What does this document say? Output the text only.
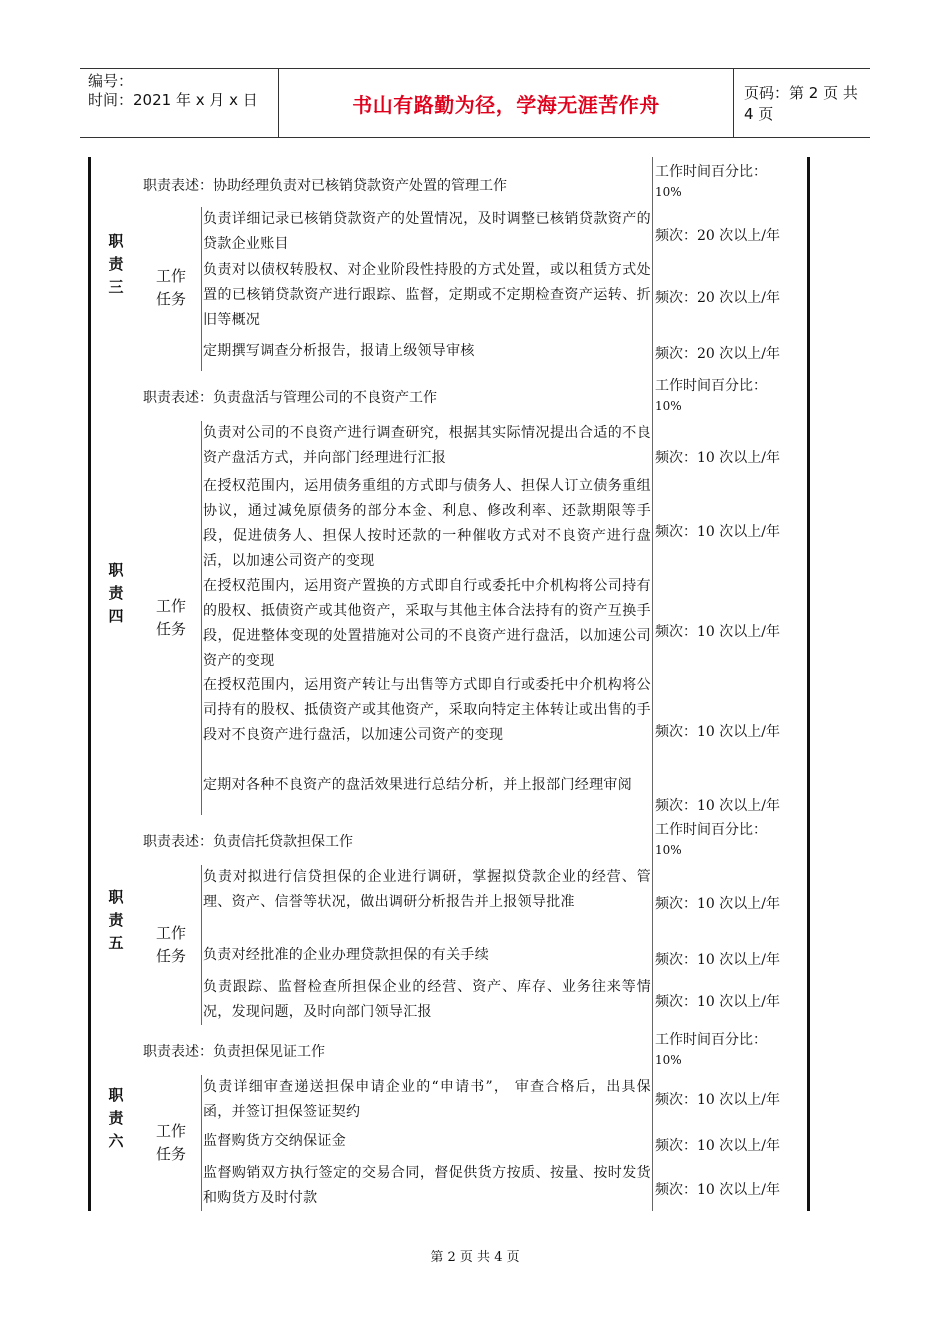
编号：
时间：2021 年 x 月 x 日	书山有路勤为径，学海无涯苦作舟	页码：第 2 页 共 4 页
职责三
职责表述：协助经理负责对已核销贷款资产处置的管理工作
工作时间百分比：
10%
工作任务
负责详细记录已核销贷款资产的处置情况，及时调整已核销贷款资产的贷款企业账目	频次：20 次以上/年
负责对以债权转股权、对企业阶段性持股的方式处置，或以租赁方式处置的已核销贷款资产进行跟踪、监督，定期或不定期检查资产运转、折旧等概况
频次：20 次以上/年
定期撰写调查分析报告，报请上级领导审核	频次：20 次以上/年
职责四
职责表述：负责盘活与管理公司的不良资产工作
工作时间百分比：
10%
工作任务
负责对公司的不良资产进行调查研究，根据其实际情况提出合适的不良资产盘活方式，并向部门经理进行汇报	频次：10 次以上/年
在授权范围内，运用债务重组的方式即与债务人、担保人订立债务重组协议，通过减免原债务的部分本金、利息、修改利率、还款期限等手段，促进债务人、担保人按时还款的一种催收方式对不良资产进行盘活，以加速公司资产的变现
频次：10 次以上/年
在授权范围内，运用资产置换的方式即自行或委托中介机构将公司持有的股权、抵债资产或其他资产，采取与其他主体合法持有的资产互换手段，促进整体变现的处置措施对公司的不良资产进行盘活，以加速公司资产的变现
频次：10 次以上/年
在授权范围内，运用资产转让与出售等方式即自行或委托中介机构将公司持有的股权、抵债资产或其他资产，采取向特定主体转让或出售的手段对不良资产进行盘活，以加速公司资产的变现	频次：10 次以上/年
定期对各种不良资产的盘活效果进行总结分析，并上报部门经理审阅
频次：10 次以上/年
职责五
职责表述：负责信托贷款担保工作
工作时间百分比：
10%
工作任务
负责对拟进行信贷担保的企业进行调研，掌握拟贷款企业的经营、管理、资产、信誉等状况，做出调研分析报告并上报领导批准	频次：10 次以上/年
负责对经批准的企业办理贷款担保的有关手续	频次：10 次以上/年
负责跟踪、监督检查所担保企业的经营、资产、库存、业务往来等情况，发现问题，及时向部门领导汇报
频次：10 次以上/年
职责六
职责表述：负责担保见证工作
工作时间百分比：
10%
工作任务
负责详细审查递送担保申请企业的“申请书”， 审查合格后，出具保函，并签订担保签证契约
频次：10 次以上/年
监督购货方交纳保证金	频次：10 次以上/年
监督购销双方执行签定的交易合同，督促供货方按质、按量、按时发货和购货方及时付款	频次：10 次以上/年
第 2 页 共 4 页
